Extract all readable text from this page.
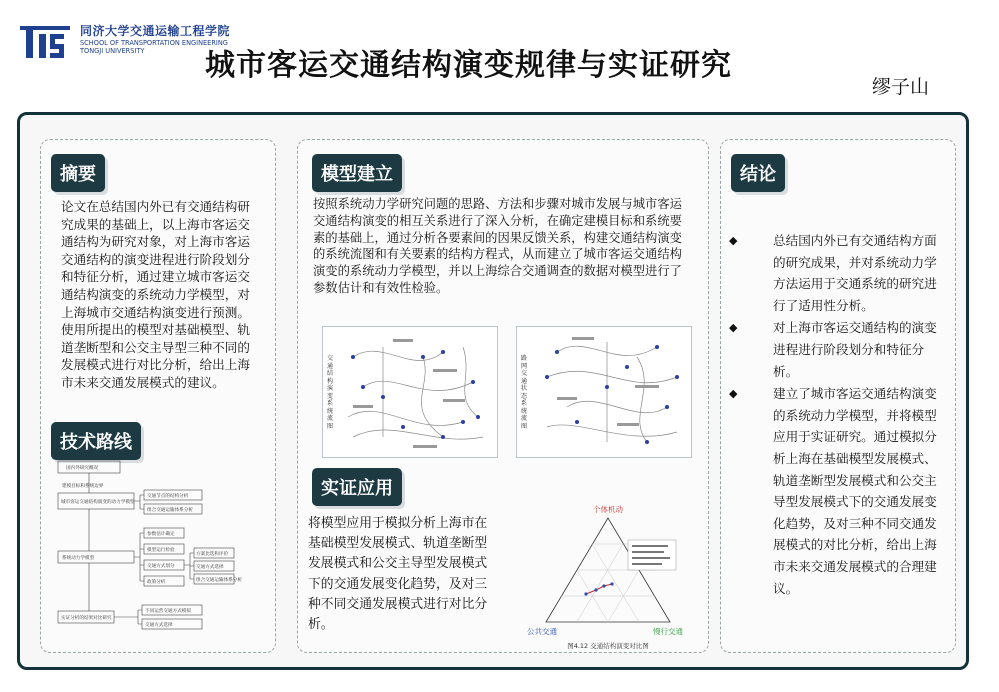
同济大学交通运输工程学院
SCHOOL OF TRANSPORTATION ENGINEERING
TONGJI UNIVERSITY	城市客运交通结构演变规律与实证研究
缪子山
摘要
论文在总结国内外已有交通结构研究成果的基础上，以上海市客运交通结构为研究对象，对上海市客运交通结构的演变进程进行阶段划分和特征分析，通过建立城市客运交通结构演变的系统动力学模型，对上海城市交通结构演变进行预测。使用所提出的模型对基础模型、轨道垄断型和公交主导型三种不同的发展模式进行对比分析，给出上海市未来交通发展模式的建议。
技术路线
模型建立
按照系统动力学研究问题的思路、方法和步骤对城市发展与城市客运交通结构演变的相互关系进行了深入分析，在确定建模目标和系统要素的基础上，通过分析各要素间的因果反馈关系，构建交通结构演变的系统流图和有关要素的结构方程式，从而建立了城市客运交通结构演变的系统动力学模型，并以上海综合交通调查的数据对模型进行了参数估计和有效性检验。
交通结构演变系统流图
路网交通状态系统流图
实证应用
将模型应用于模拟分析上海市在基础模型发展模式、轨道垄断型发展模式和公交主导型发展模式下的交通发展变化趋势，及对三种不同交通发展模式进行对比分析。
个体机动
公共交通	慢行交通
图4.12 交通结构演变对比图
结论
◆	总结国内外已有交通结构方面的研究成果，并对系统动力学方法运用于交通系统的研究进行了适用性分析。
◆	对上海市客运交通结构的演变进程进行阶段划分和特征分析。
◆	建立了城市客运交通结构演变的系统动力学模型，并将模型应用于实证研究。通过模拟分析上海在基础模型发展模式、轨道垄断型发展模式和公交主导型发展模式下的交通发展变化趋势，及对三种不同交通发展模式的对比分析，给出上海市未来交通发展模式的合理建议。
国内外研究概况
建模目标和系统边界
城市客运交通结构演变的动力学模型
交通节点的结构分析
组合交通运输体系分析
系统动力学模型
参数估计确定
模型运行检验
交通方式划分
政策分析
方案比选和评价
交通方式选择
组合交通运输体系分析
实证分析的结果对比研究
不同运营交通方式模拟
交通方式选择
